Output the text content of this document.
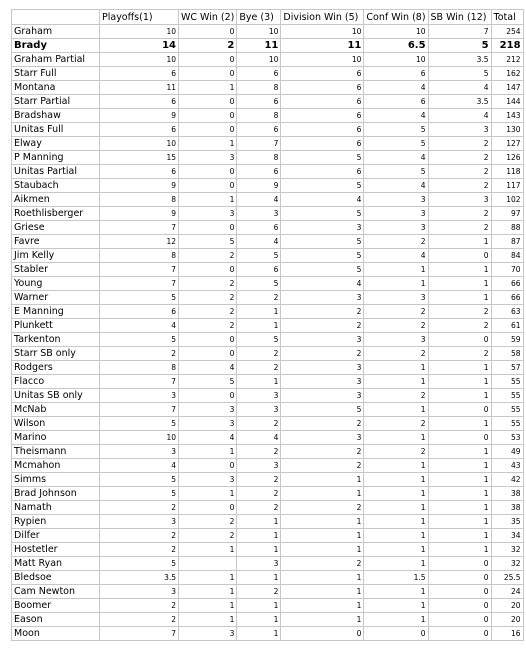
	Playoffs(1)	WC Win (2)	Bye (3)	Division Win (5)	Conf Win (8)	SB Win (12)	Total
Graham	10	0	10	10	10	7	254
Brady	14	2	11	11	6.5	5	218
Graham Partial	10	0	10	10	10	3.5	212
Starr Full	6	0	6	6	6	5	162
Montana	11	1	8	6	4	4	147
Starr Partial	6	0	6	6	6	3.5	144
Bradshaw	9	0	8	6	4	4	143
Unitas Full	6	0	6	6	5	3	130
Elway	10	1	7	6	5	2	127
P Manning	15	3	8	5	4	2	126
Unitas Partial	6	0	6	6	5	2	118
Staubach	9	0	9	5	4	2	117
Aikmen	8	1	4	4	3	3	102
Roethlisberger	9	3	3	5	3	2	97
Griese	7	0	6	3	3	2	88
Favre	12	5	4	5	2	1	87
Jim Kelly	8	2	5	5	4	0	84
Stabler	7	0	6	5	1	1	70
Young	7	2	5	4	1	1	66
Warner	5	2	2	3	3	1	66
E Manning	6	2	1	2	2	2	63
Plunkett	4	2	1	2	2	2	61
Tarkenton	5	0	5	3	3	0	59
Starr SB only	2	0	2	2	2	2	58
Rodgers	8	4	2	3	1	1	57
Flacco	7	5	1	3	1	1	55
Unitas SB only	3	0	3	3	2	1	55
McNab	7	3	3	5	1	0	55
Wilson	5	3	2	2	2	1	55
Marino	10	4	4	3	1	0	53
Theismann	3	1	2	2	2	1	49
Mcmahon	4	0	3	2	1	1	43
Simms	5	3	2	1	1	1	42
Brad Johnson	5	1	2	1	1	1	38
Namath	2	0	2	2	1	1	38
Rypien	3	2	1	1	1	1	35
Dilfer	2	2	1	1	1	1	34
Hostetler	2	1	1	1	1	1	32
Matt Ryan	5		3	2	1	0	32
Bledsoe	3.5	1	1	1	1.5	0	25.5
Cam Newton	3	1	2	1	1	0	24
Boomer	2	1	1	1	1	0	20
Eason	2	1	1	1	1	0	20
Moon	7	3	1	0	0	0	16
